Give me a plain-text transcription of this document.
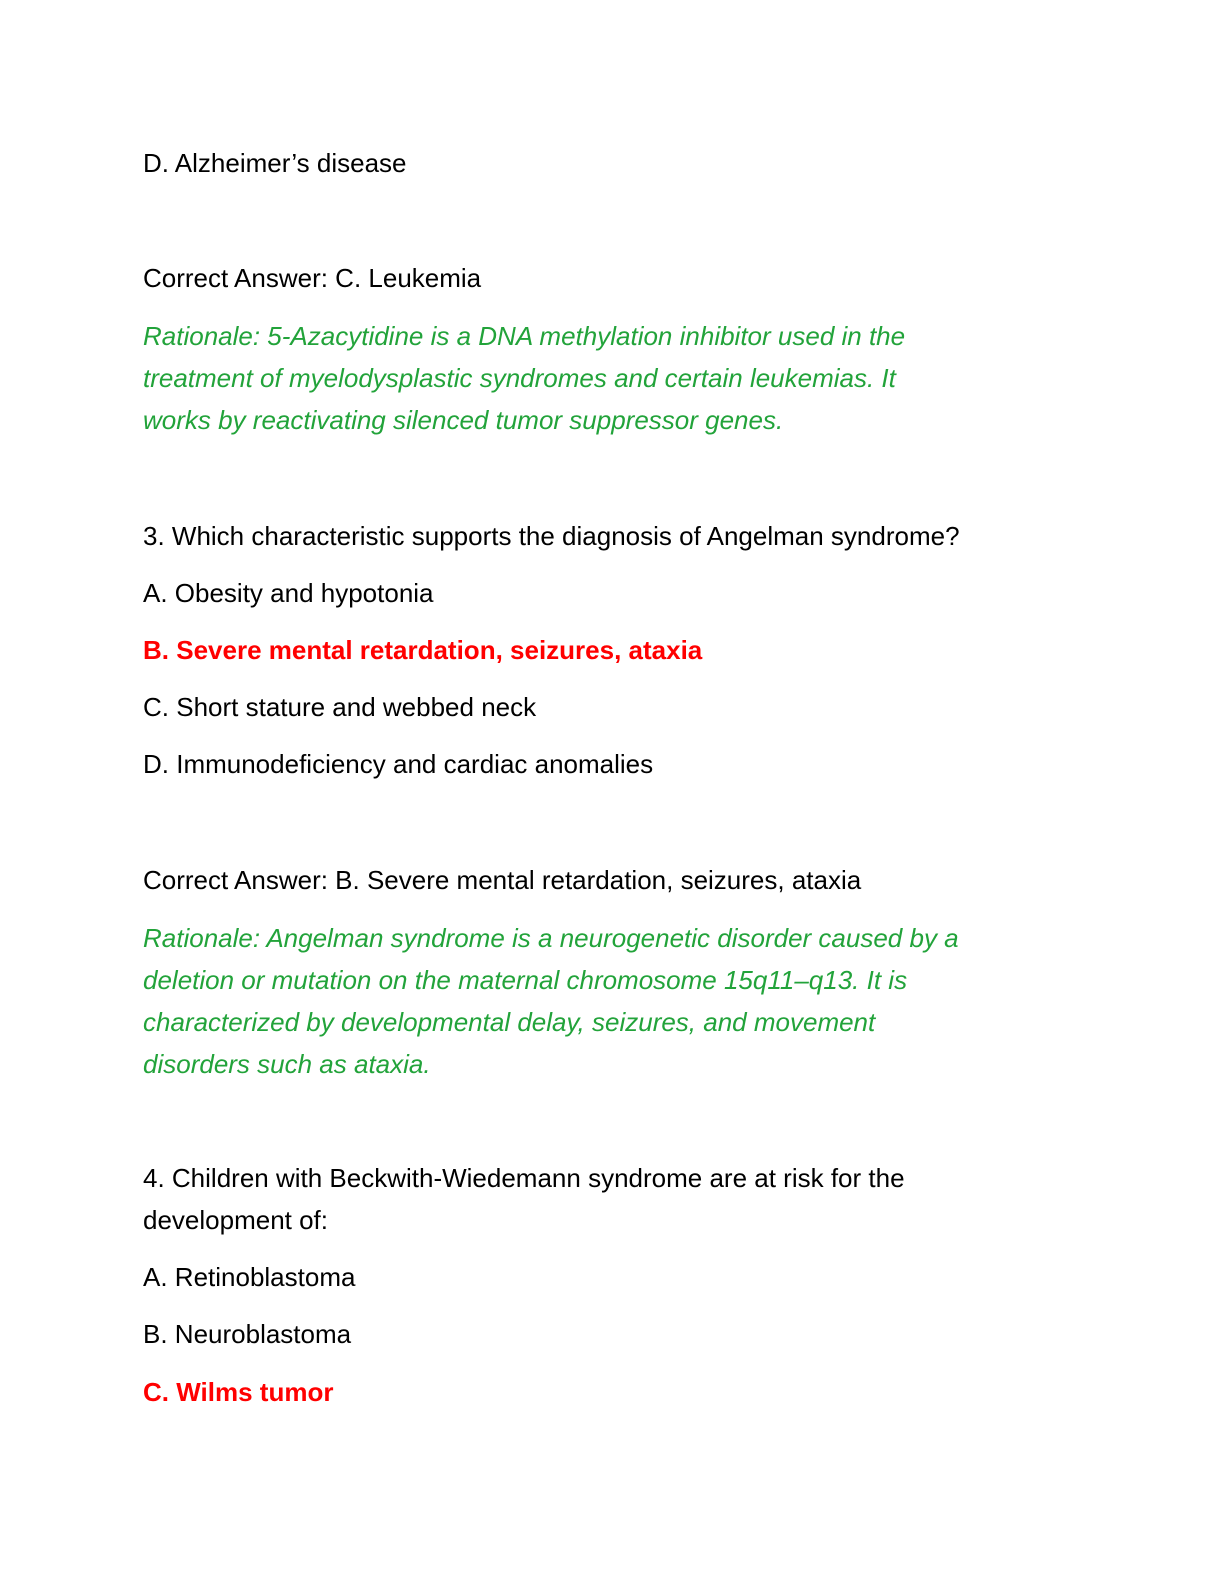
D. Alzheimer’s disease

Correct Answer: C. Leukemia

Rationale: 5-Azacytidine is a DNA methylation inhibitor used in the
treatment of myelodysplastic syndromes and certain leukemias. It
works by reactivating silenced tumor suppressor genes.

3. Which characteristic supports the diagnosis of Angelman syndrome?

A. Obesity and hypotonia

B. Severe mental retardation, seizures, ataxia

C. Short stature and webbed neck

D. Immunodeficiency and cardiac anomalies

Correct Answer: B. Severe mental retardation, seizures, ataxia

Rationale: Angelman syndrome is a neurogenetic disorder caused by a
deletion or mutation on the maternal chromosome 15q11–q13. It is
characterized by developmental delay, seizures, and movement
disorders such as ataxia.
4. Children with Beckwith-Wiedemann syndrome are at risk for the
development of:

A. Retinoblastoma

B. Neuroblastoma

C. Wilms tumor
